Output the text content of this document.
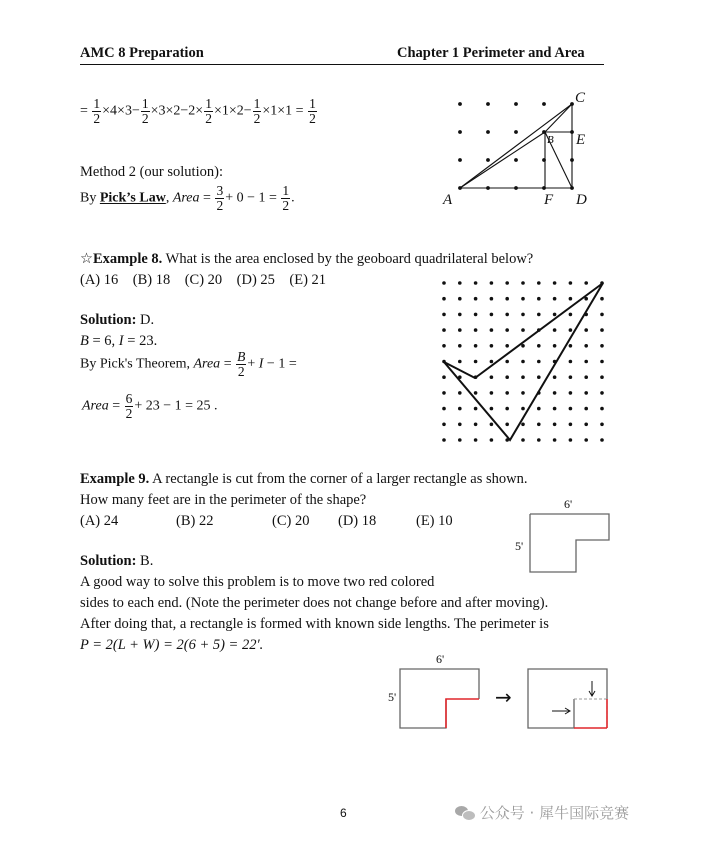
AMC 8 Preparation	Chapter 1 Perimeter and Area
= $\frac{1}{2} \times 4\times 3- \frac{1}{2} \times 3\times 2-2\times \frac{1}{2} \times 1\times 2- \frac{1}{2} \times 1\times 1 = \frac{1}{2}$
Method 2 (our solution):
By Pick’s Law, Area = $\frac{3}{2} + 0 - 1 = \frac{1}{2}$ .
C
E
B
A	F D
☆Example 8. What is the area enclosed by the geoboard quadrilateral below?
(A) 16    (B) 18    (C) 20    (D) 25    (E) 21
Solution: D.
B = 6, I = 23.
By Pick's Theorem, Area = $\frac{B}{2} + I - 1$ =
Area = $\frac{6}{2} + 23 - 1 = 25$ .
Example 9. A rectangle is cut from the corner of a larger rectangle as shown.
How many feet are in the perimeter of the shape?
(A) 24	(B) 22	(C) 20 (D) 18	(E) 10
6'
5'
Solution: B.
A good way to solve this problem is to move two red colored
sides to each end. (Note the perimeter does not change before and after moving).
After doing that, a rectangle is formed with known side lengths. The perimeter is
P = 2(L + W) = 2(6 + 5) = 22′.
6'
5'	→
6	公众号 · 犀牛国际竞赛
